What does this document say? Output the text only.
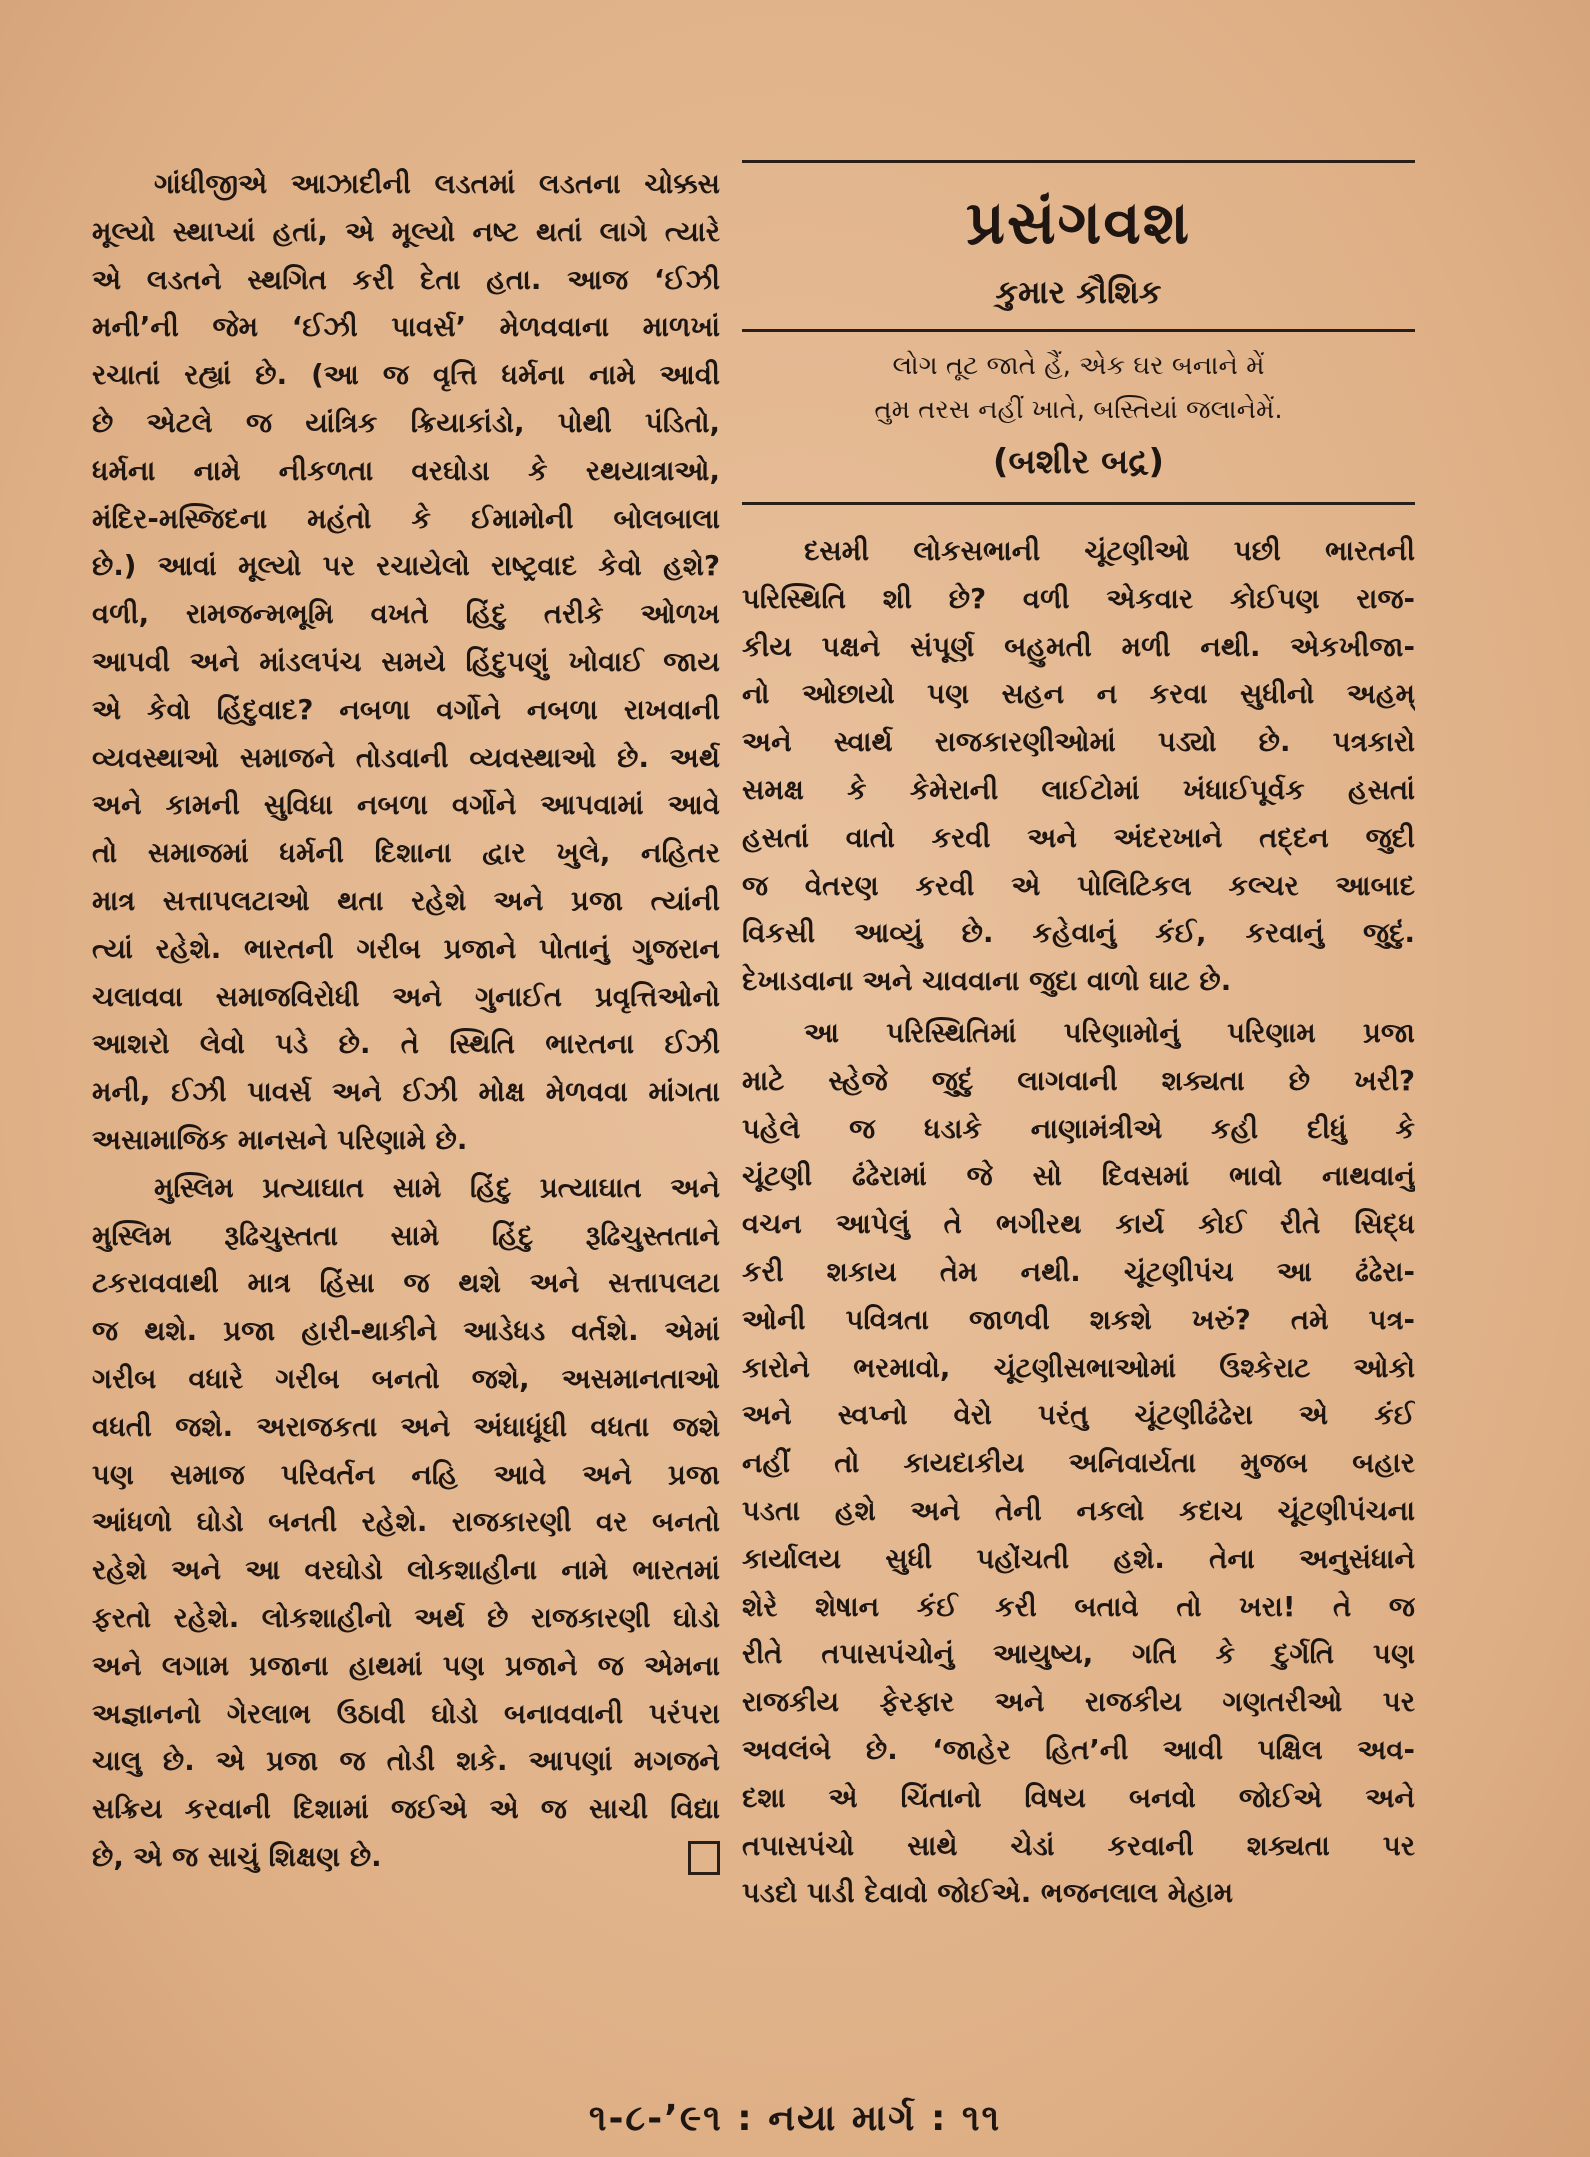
ગાંધીજીએ આઝાદીની લડતમાં લડતના ચોક્કસ
મૂલ્યો સ્થાપ્યાં હતાં, એ મૂલ્યો નષ્ટ થતાં લાગે ત્યારે
એ લડતને સ્થગિત કરી દેતા હતા. આજ ‘ઈઝી
મની’ની જેમ ‘ઈઝી પાવર્સ’ મેળવવાના માળખાં
રચાતાં રહ્યાં છે. (આ જ વૃત્તિ ધર્મના નામે આવી
છે એટલે જ યાંત્રિક ક્રિયાકાંડો, પોથી પંડિતો,
ધર્મના નામે નીકળતા વરઘોડા કે રથયાત્રાઓ,
મંદિર-મસ્જિદના મહંતો કે ઈમામોની બોલબાલા
છે.) આવાં મૂલ્યો પર રચાયેલો રાષ્ટ્રવાદ કેવો હશે?
વળી, રામજન્મભૂમિ વખતે હિંદુ તરીકે ઓળખ
આપવી અને માંડલપંચ સમયે હિંદુપણું ખોવાઈ જાય
એ કેવો હિંદુવાદ? નબળા વર્ગોને નબળા રાખવાની
વ્યવસ્થાઓ સમાજને તોડવાની વ્યવસ્થાઓ છે. અર્થ
અને કામની સુવિધા નબળા વર્ગોને આપવામાં આવે
તો સમાજમાં ધર્મની દિશાના દ્વાર ખુલે, નહિતર
માત્ર સત્તાપલટાઓ થતા રહેશે અને પ્રજા ત્યાંની
ત્યાં રહેશે. ભારતની ગરીબ પ્રજાને પોતાનું ગુજરાન
ચલાવવા સમાજવિરોધી અને ગુનાઈત પ્રવૃત્તિઓનો
આશરો લેવો પડે છે. તે સ્થિતિ ભારતના ઈઝી
મની, ઈઝી પાવર્સ અને ઈઝી મોક્ષ મેળવવા માંગતા
અસામાજિક માનસને પરિણામે છે.
મુસ્લિમ પ્રત્યાઘાત સામે હિંદુ પ્રત્યાઘાત અને
મુસ્લિમ રૂઢિચુસ્તતા સામે હિંદુ રૂઢિચુસ્તતાને
ટકરાવવાથી માત્ર હિંસા જ થશે અને સત્તાપલટા
જ થશે. પ્રજા હારી-થાકીને આડેધડ વર્તશે. એમાં
ગરીબ વધારે ગરીબ બનતો જશે, અસમાનતાઓ
વધતી જશે. અરાજકતા અને અંધાધૂંધી વધતા જશે
પણ સમાજ પરિવર્તન નહિ આવે અને પ્રજા
આંધળો ઘોડો બનતી રહેશે. રાજકારણી વર બનતો
રહેશે અને આ વરઘોડો લોકશાહીના નામે ભારતમાં
ફરતો રહેશે. લોકશાહીનો અર્થ છે રાજકારણી ઘોડો
અને લગામ પ્રજાના હાથમાં પણ પ્રજાને જ એમના
અજ્ઞાનનો ગેરલાભ ઉઠાવી ઘોડો બનાવવાની પરંપરા
ચાલુ છે. એ પ્રજા જ તોડી શકે. આપણાં મગજને
સક્રિય કરવાની દિશામાં જઈએ એ જ સાચી વિદ્યા
છે, એ જ સાચું શિક્ષણ છે.
પ્રસંગવશ
કુમાર કૌશિક
લોગ તૂટ જાતે હૈં, એક ઘર બનાને મેં
તુમ તરસ નહીં ખાતે, બસ્તિયાં જલાનેમેં.
(બશીર બદ્ર)
દસમી લોકસભાની ચૂંટણીઓ પછી ભારતની
પરિસ્થિતિ શી છે? વળી એકવાર કોઈપણ રાજ-
કીય પક્ષને સંપૂર્ણ બહુમતી મળી નથી. એકખીજા-
નો ઓછાયો પણ સહન ન કરવા સુધીનો અહમ્
અને સ્વાર્થ રાજકારણીઓમાં પડ્યો છે. પત્રકારો
સમક્ષ કે કેમેરાની લાઈટોમાં ખંધાઈપૂર્વક હસતાં
હસતાં વાતો કરવી અને અંદરખાને તદ્દન જુદી
જ વેતરણ કરવી એ પોલિટિકલ કલ્ચર આબાદ
વિકસી આવ્યું છે. કહેવાનું કંઈ, કરવાનું જુદું.
દેખાડવાના અને ચાવવાના જુદા વાળો ઘાટ છે.
આ પરિસ્થિતિમાં પરિણામોનું પરિણામ પ્રજા
માટે સ્હેજે જુદું લાગવાની શક્યતા છે ખરી?
પહેલે જ ધડાકે નાણામંત્રીએ કહી દીધું કે
ચૂંટણી ઢંઢેરામાં જે સો દિવસમાં ભાવો નાથવાનું
વચન આપેલું તે ભગીરથ કાર્ય કોઈ રીતે સિદ્ધ
કરી શકાય તેમ નથી. ચૂંટણીપંચ આ ઢંઢેરા-
ઓની પવિત્રતા જાળવી શકશે ખરું? તમે પત્ર-
કારોને ભરમાવો, ચૂંટણીસભાઓમાં ઉશ્કેરાટ ઓકો
અને સ્વપ્નો વેરો પરંતુ ચૂંટણીઢંઢેરા એ કંઈ
નહીં તો કાયદાકીય અનિવાર્યતા મુજબ બહાર
પડતા હશે અને તેની નકલો કદાચ ચૂંટણીપંચના
કાર્યાલય સુધી પહોંચતી હશે. તેના અનુસંધાને
શેરે શેષાન કંઈ કરી બતાવે તો ખરા! તે જ
રીતે તપાસપંચોનું આયુષ્ય, ગતિ કે દુર્ગતિ પણ
રાજકીય ફેરફાર અને રાજકીય ગણતરીઓ પર
અવલંબે છે. ‘જાહેર હિત’ની આવી પક્ષિલ અવ-
દશા એ ચિંતાનો વિષય બનવો જોઈએ અને
તપાસપંચો સાથે ચેડાં કરવાની શક્યતા પર
પડદો પાડી દેવાવો જોઈએ. ભજનલાલ મેહામ
૧-૮-’૯૧ : નયા માર્ગ : ૧૧
